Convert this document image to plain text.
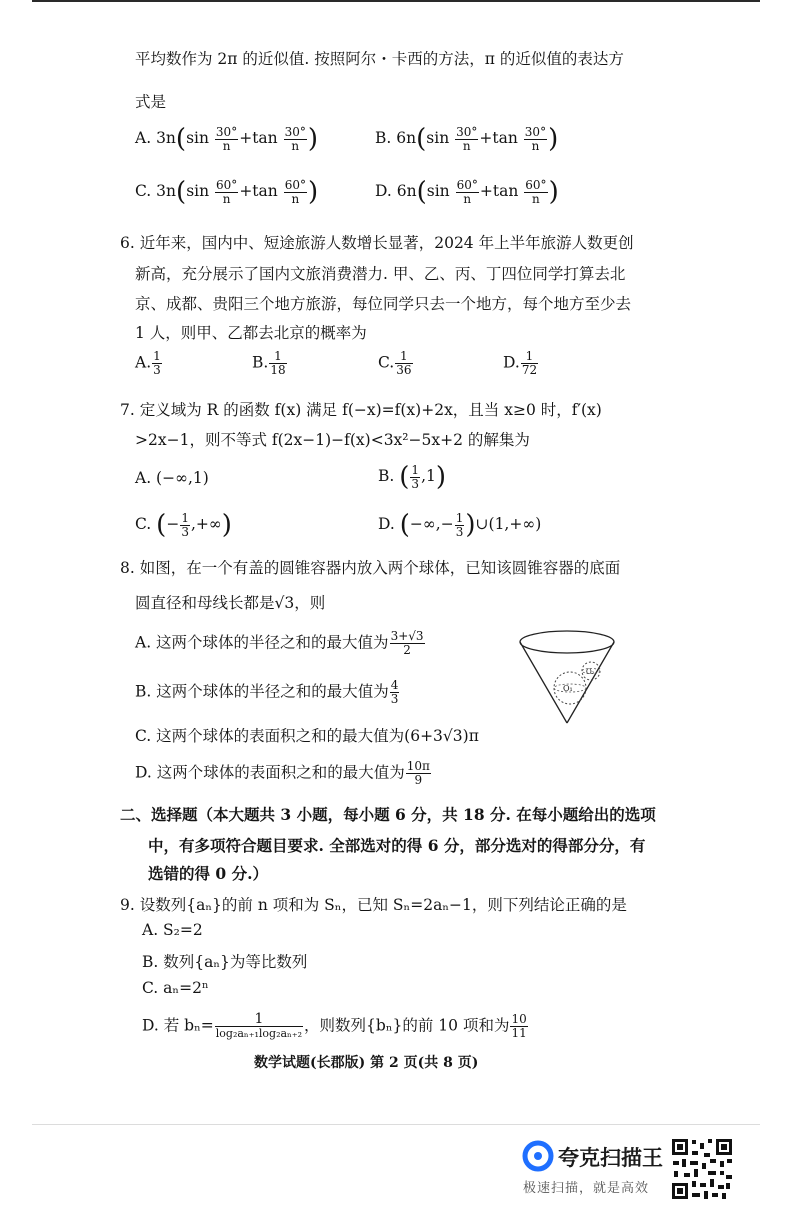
平均数作为 2π 的近似值. 按照阿尔・卡西的方法，π 的近似值的表达方
式是
A. $3n(\sin \frac{30^\circ}{n} +\tan \frac{30^\circ}{n}$ )	B. $6n(\sin \frac{30^\circ}{n} +\tan \frac{30^\circ}{n}$ )
C. $3n(\sin \frac{60^\circ}{n} +\tan \frac{60^\circ}{n}$ )	D. $6n(\sin \frac{60^\circ}{n} +\tan \frac{60^\circ}{n}$ )
6. 近年来，国内中、短途旅游人数增长显著，2024 年上半年旅游人数更创
新高，充分展示了国内文旅消费潜力. 甲、乙、丙、丁四位同学打算去北
京、成都、贵阳三个地方旅游，每位同学只去一个地方，每个地方至少去
1 人，则甲、乙都去北京的概率为
A. $\frac{1}{3}$	B. $\frac{1}{18}$	C. $\frac{1}{36}$	D. $\frac{1}{72}$
7. 定义域为 R 的函数 f(x) 满足 f(−x)=f(x)+2x，且当 x≥0 时，f′(x)
>2x−1，则不等式 f(2x−1)−f(x)<3x²−5x+2 的解集为
A. (−∞,1)	B. ( $\frac{1}{3} ,1$)
C. (− $\frac{1}{3}$ ,+∞)	D. (−∞,− $\frac{1}{3}$ )∪(1,+∞)
8. 如图，在一个有盖的圆锥容器内放入两个球体，已知该圆锥容器的底面
圆直径和母线长都是√3，则
A. 这两个球体的半径之和的最大值为 $\frac{3+√3}{2}$
B. 这两个球体的半径之和的最大值为 $\frac{4}{3}$
C. 这两个球体的表面积之和的最大值为(6+3√3)π
D. 这两个球体的表面积之和的最大值为 $\frac{10\pi}{9}$
O₁
O₂
二、选择题（本大题共 3 小题，每小题 6 分，共 18 分. 在每小题给出的选项
中，有多项符合题目要求. 全部选对的得 6 分，部分选对的得部分分，有
选错的得 0 分.）
9. 设数列{aₙ}的前 n 项和为 Sₙ，已知 Sₙ=2aₙ−1，则下列结论正确的是
A. S₂=2
B. 数列{aₙ}为等比数列
C. aₙ=2ⁿ
D. 若 $b_n= \frac{1}{\text{log₂aₙ₊₁log₂aₙ₊₂}}$ ，则数列{bₙ}的前 10 项和为 $\frac{10}{11}$
数学试题(长郡版) 第 2 页(共 8 页)
夸克扫描王
极速扫描，就是高效
